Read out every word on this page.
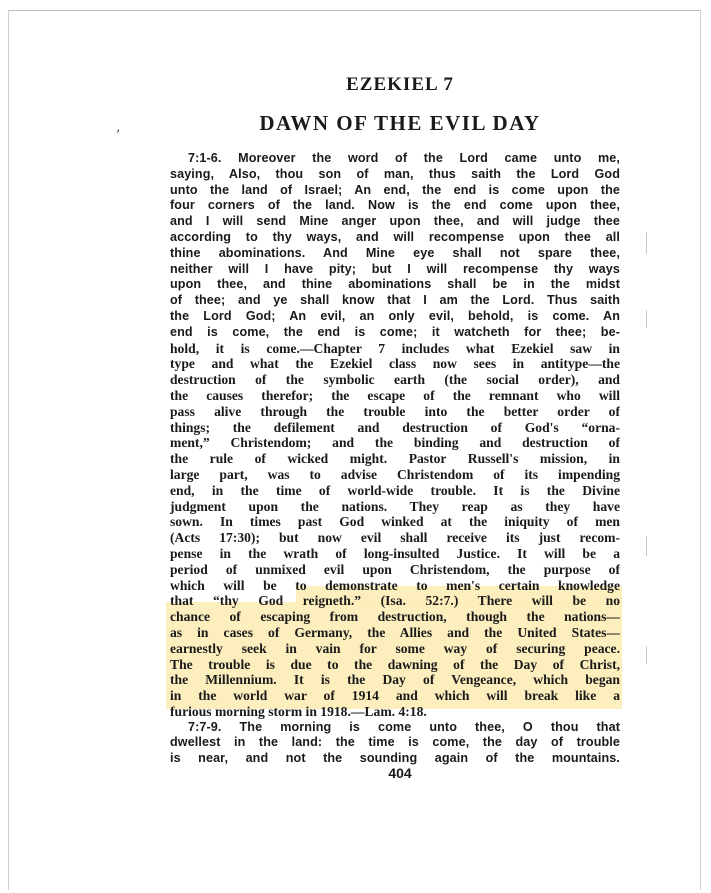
’
EZEKIEL 7
DAWN OF THE EVIL DAY
7:1-6. Moreover the word of the Lord came unto me,
saying, Also, thou son of man, thus saith the Lord God
unto the land of Israel; An end, the end is come upon the
four corners of the land. Now is the end come upon thee,
and I will send Mine anger upon thee, and will judge thee
according to thy ways, and will recompense upon thee all
thine abominations. And Mine eye shall not spare thee,
neither will I have pity; but I will recompense thy ways
upon thee, and thine abominations shall be in the midst
of thee; and ye shall know that I am the Lord. Thus saith
the Lord God; An evil, an only evil, behold, is come. An
end is come, the end is come; it watcheth for thee; be-
hold, it is come.—Chapter 7 includes what Ezekiel saw in
type and what the Ezekiel class now sees in antitype—the
destruction of the symbolic earth (the social order), and
the causes therefor; the escape of the remnant who will
pass alive through the trouble into the better order of
things; the defilement and destruction of God's “orna-
ment,” Christendom; and the binding and destruction of
the rule of wicked might. Pastor Russell's mission, in
large part, was to advise Christendom of its impending
end, in the time of world-wide trouble. It is the Divine
judgment upon the nations. They reap as they have
sown. In times past God winked at the iniquity of men
(Acts 17:30); but now evil shall receive its just recom-
pense in the wrath of long-insulted Justice. It will be a
period of unmixed evil upon Christendom, the purpose of
which will be to demonstrate to men's certain knowledge
that “thy God reigneth.” (Isa. 52:7.) There will be no
chance of escaping from destruction, though the nations—
as in cases of Germany, the Allies and the United States—
earnestly seek in vain for some way of securing peace.
The trouble is due to the dawning of the Day of Christ,
the Millennium. It is the Day of Vengeance, which began
in the world war of 1914 and which will break like a
furious morning storm in 1918.—Lam. 4:18.
7:7-9. The morning is come unto thee, O thou that
dwellest in the land: the time is come, the day of trouble
is near, and not the sounding again of the mountains.
404
